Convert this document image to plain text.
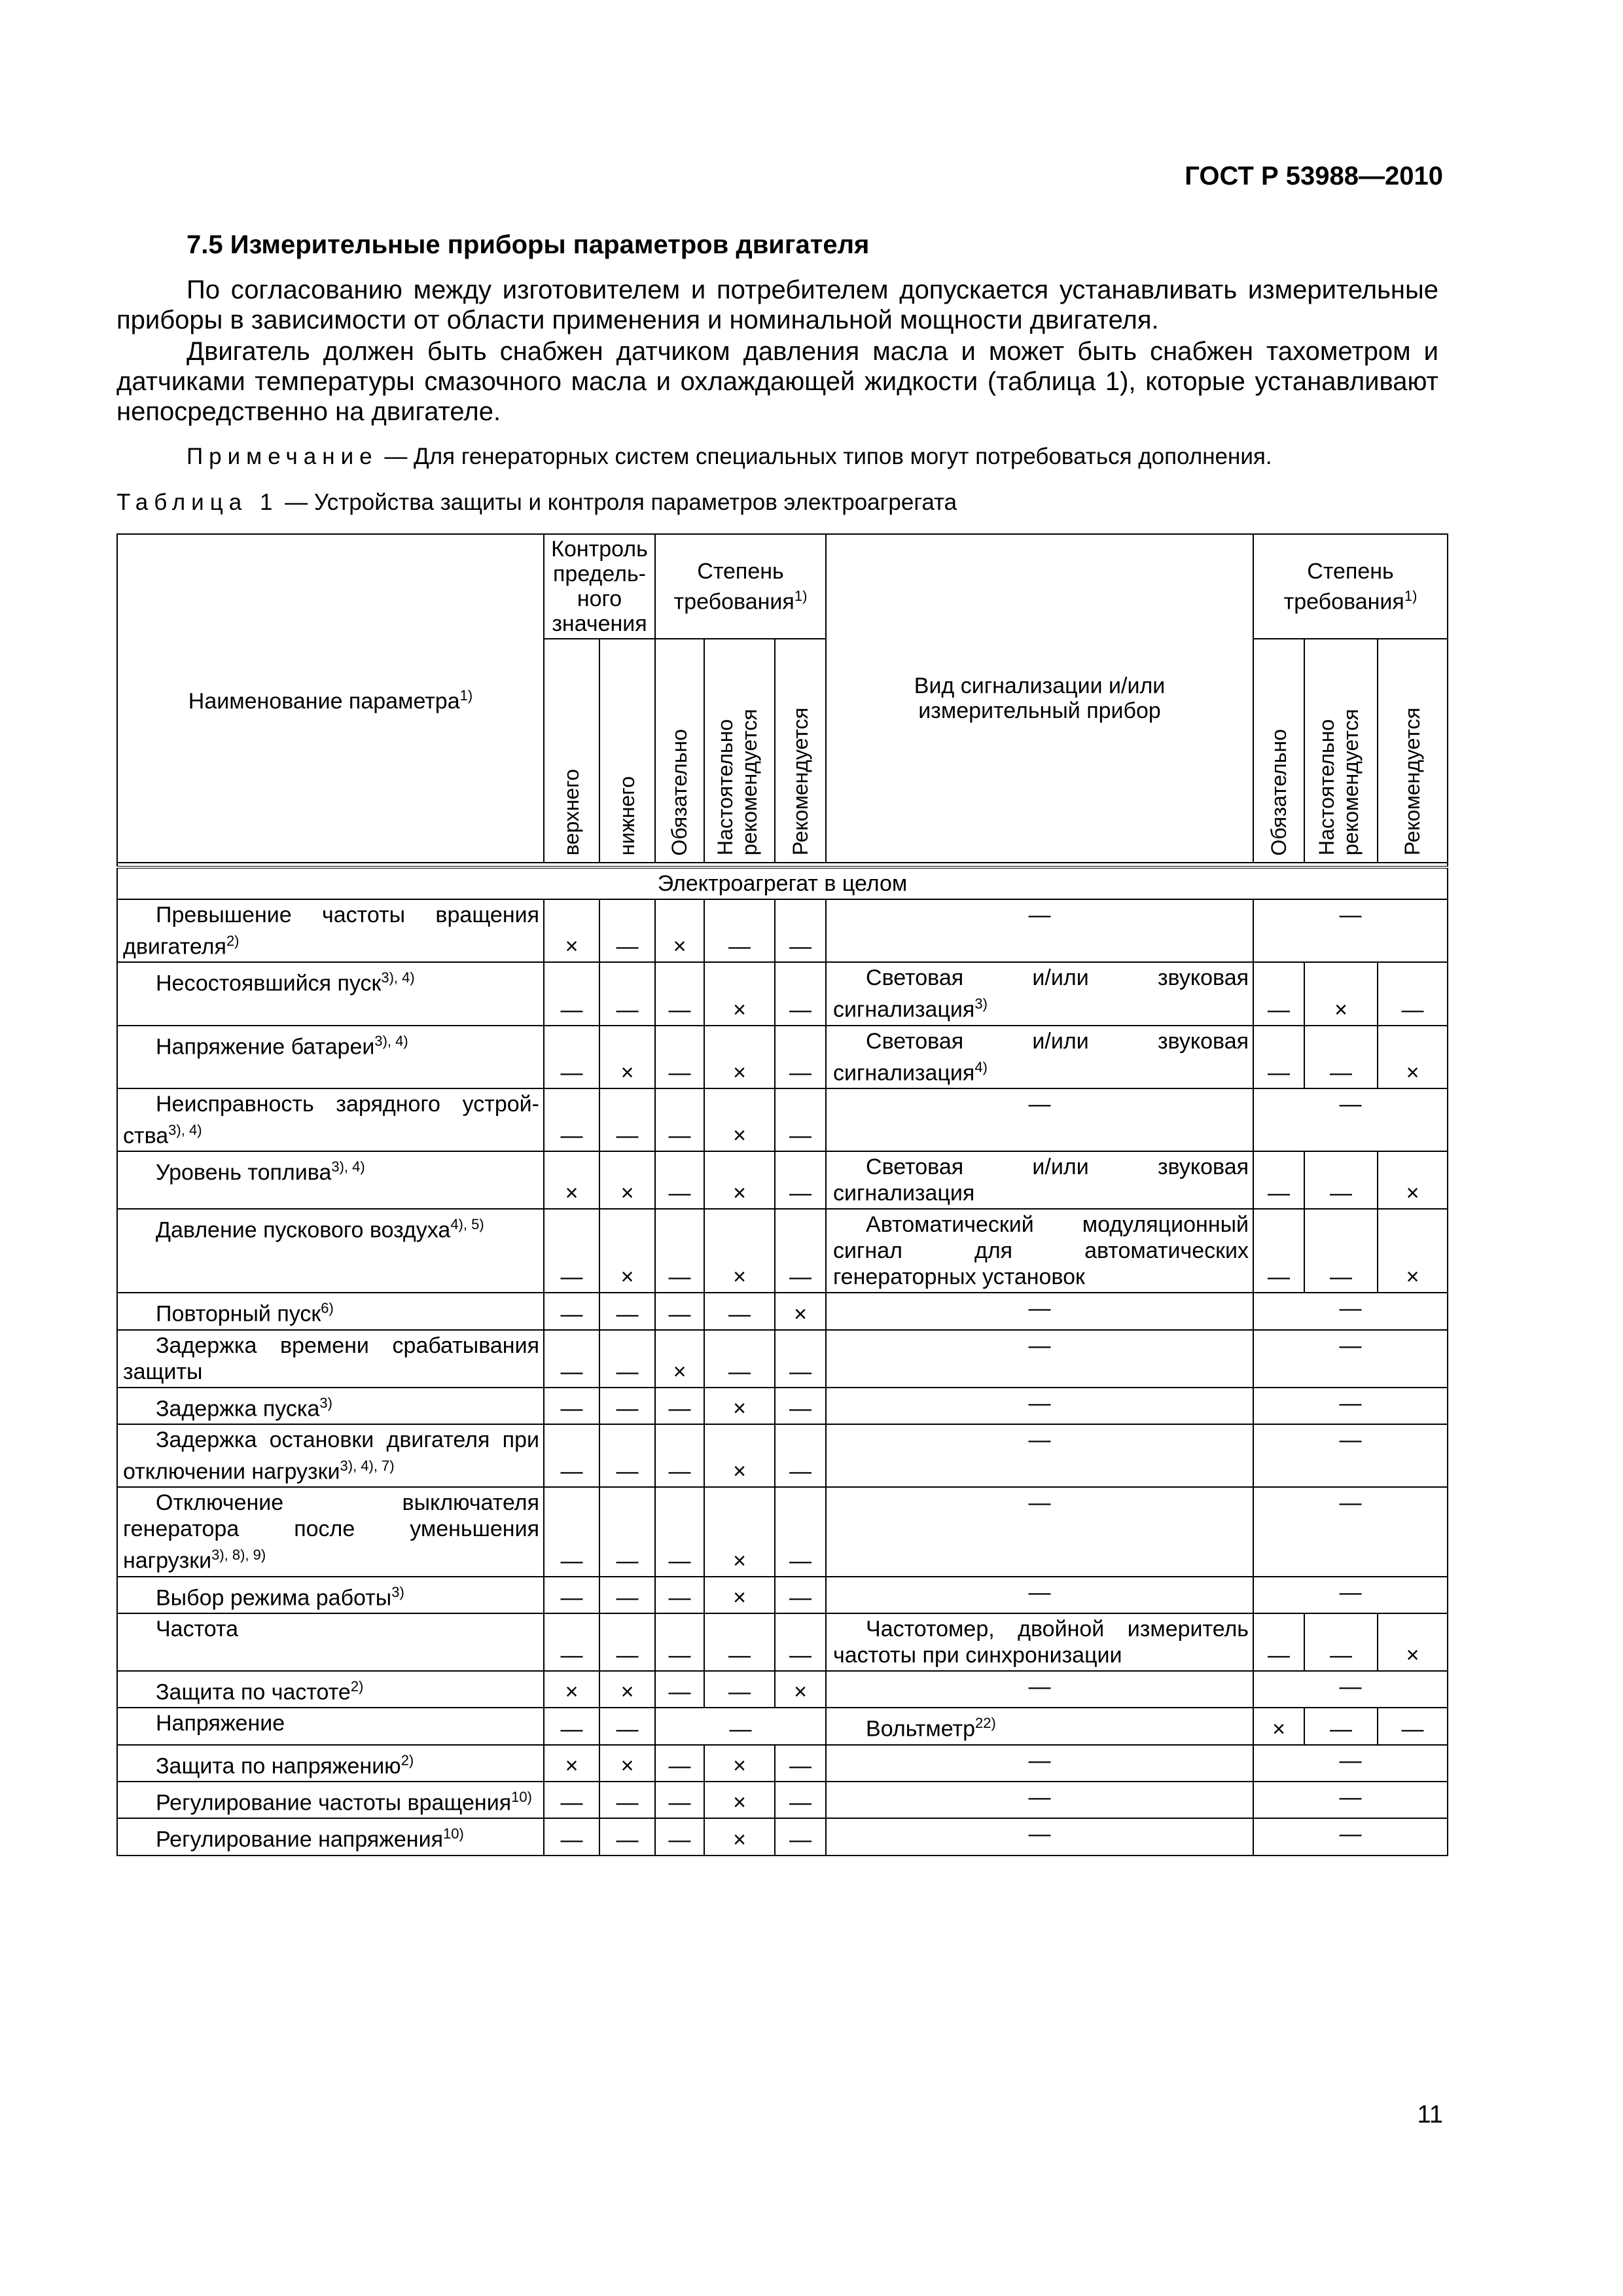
ГОСТ Р 53988—2010
7.5 Измерительные приборы параметров двигателя
По согласованию между изготовителем и потребителем допускается устанавливать измерительные приборы в зависимости от области применения и номинальной мощности двигателя.
Двигатель должен быть снабжен датчиком давления масла и может быть снабжен тахометром и датчиками температуры смазочного масла и охлаждающей жидкости (таблица 1), которые устанавливают непосредственно на двигателе.
Примечание — Для генераторных систем специальных типов могут потребоваться дополнения.
Таблица 1 — Устройства защиты и контроля параметров электроагрегата
Наименование параметра$^{1)}$	Контроль предель-ного значения		Степень требования$^{1)}$			Вид сигнализации и/или измерительный прибор	Степень требования$^{1)}$

	верхнего	нижнего	Обязательно	Настоятельно рекомендуется	Рекомендуется		Обязательно	Настоятельно рекомендуется	Рекомендуется

Электроагрегат в целом									
Превышение частоты вращения двигателя$^{2)}$	×	—	×	—	—	—	—		
Несостоявшийся пуск$^{3), 4)}$	—	—	—	×	—	Световая и/или звуковая сигнализация$^{3)}$	—	×	—
Напряжение батареи$^{3), 4)}$	—	×	—	×	—	Световая и/или звуковая сигнализация$^{4)}$	—	—	×
Неисправность зарядного устрой- ства$^{3), 4)}$	—	—	—	×	—	—	—		
Уровень топлива$^{3), 4)}$	×	×	—	×	—	Световая и/или звуковая сигнализация	—	—	×
Давление пускового воздуха$^{4), 5)}$	—	×	—	×	—	Автоматический модуляционный сигнал для автоматических генераторных установок	—	—	×
Повторный пуск$^{6)}$	—	—	—	—	×	—	—		
Задержка времени срабатывания защиты	—	—	×	—	—	—	—		
Задержка пуска$^{3)}$	—	—	—	×	—	—	—		
Задержка остановки двигателя при отключении нагрузки$^{3), 4), 7)}$	—	—	—	×	—	—	—		
Отключение выключателя генератора после уменьшения нагрузки$^{3), 8), 9)}$	—	—	—	×	—	—	—		
Выбор режима работы$^{3)}$	—	—	—	×	—	—	—		
Частота	—	—	—	—	—	Частотомер, двойной измеритель частоты при синхронизации	—	—	×
Защита по частоте$^{2)}$	×	×	—	—	×	—	—		
Напряжение	—	—	—			Вольтметр$^{22)}$	×	—	—
Защита по напряжению$^{2)}$	×	×	—	×	—	—	—		
Регулирование частоты вращения$^{10)}$	—	—	—	×	—	—	—		
Регулирование напряжения$^{10)}$	—	—	—	×	—	—	—		
11
